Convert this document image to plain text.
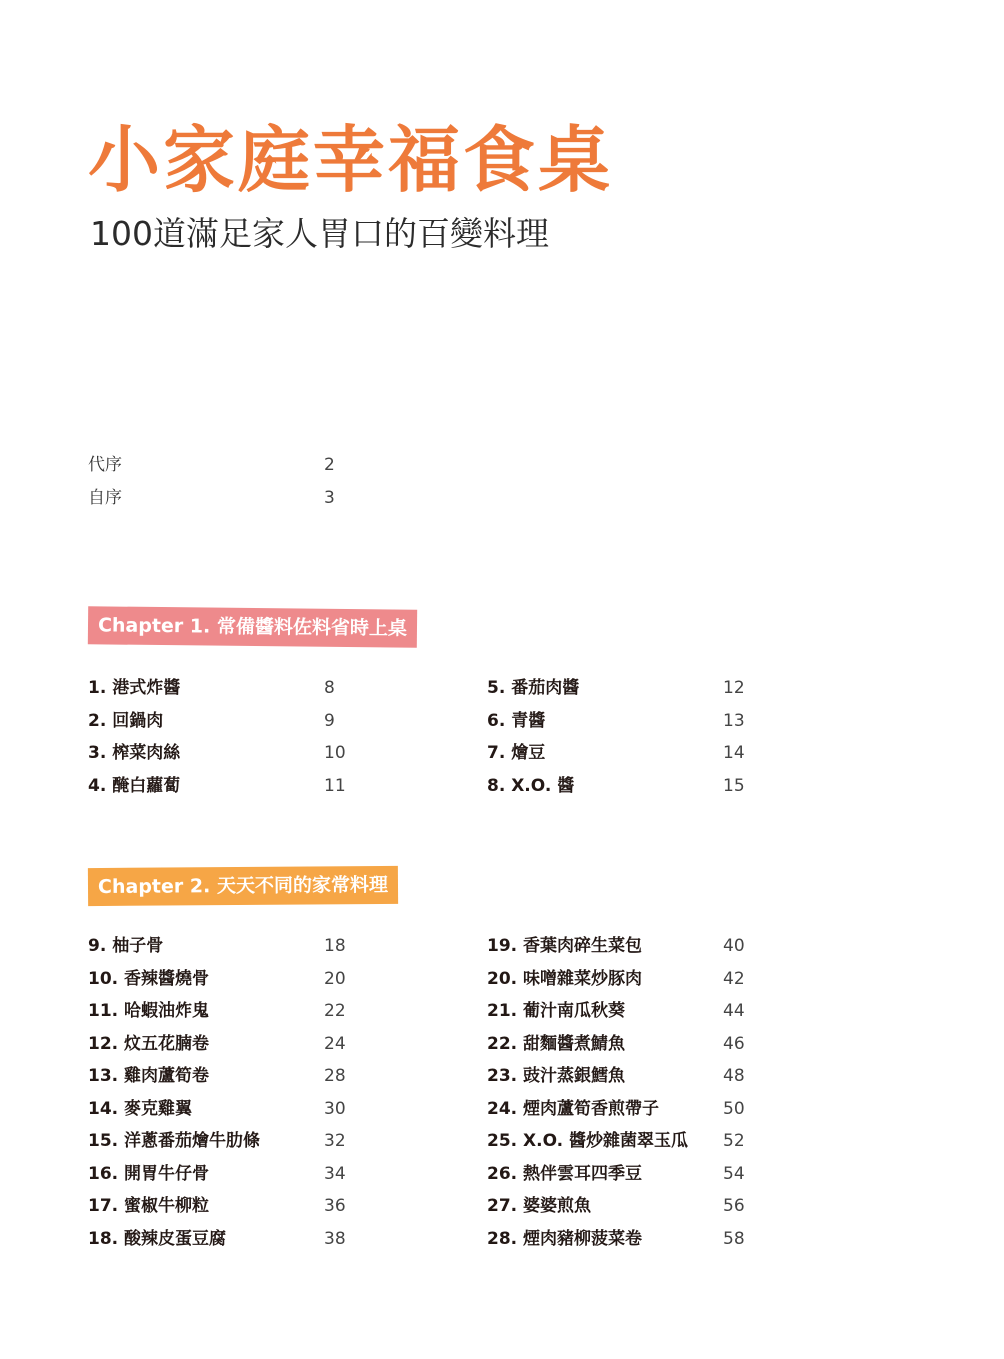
小家庭幸福食桌
100道滿足家人胃口的百變料理
代序	2
自序	3
Chapter 1. 常備醬料佐料省時上桌
1. 港式炸醬	8
2. 回鍋肉	9
3. 榨菜肉絲	10
4. 醃白蘿蔔	11
5. 番茄肉醬	12
6. 青醬	13
7. 燴豆	14
8. X.O. 醬	15
Chapter 2. 天天不同的家常料理
9. 柚子骨	18
10. 香辣醬燒骨	20
11. 哈蝦油炸鬼	22
12. 炆五花腩卷	24
13. 雞肉蘆筍卷	28
14. 麥克雞翼	30
15. 洋蔥番茄燴牛肋條	32
16. 開胃牛仔骨	34
17. 蜜椒牛柳粒	36
18. 酸辣皮蛋豆腐	38
19. 香葉肉碎生菜包	40
20. 味噌雜菜炒豚肉	42
21. 葡汁南瓜秋葵	44
22. 甜麵醬煮鯖魚	46
23. 豉汁蒸銀鱈魚	48
24. 煙肉蘆筍香煎帶子	50
25. X.O. 醬炒雜菌翠玉瓜 52
26. 熱伴雲耳四季豆	54
27. 婆婆煎魚	56
28. 煙肉豬柳菠菜卷	58
